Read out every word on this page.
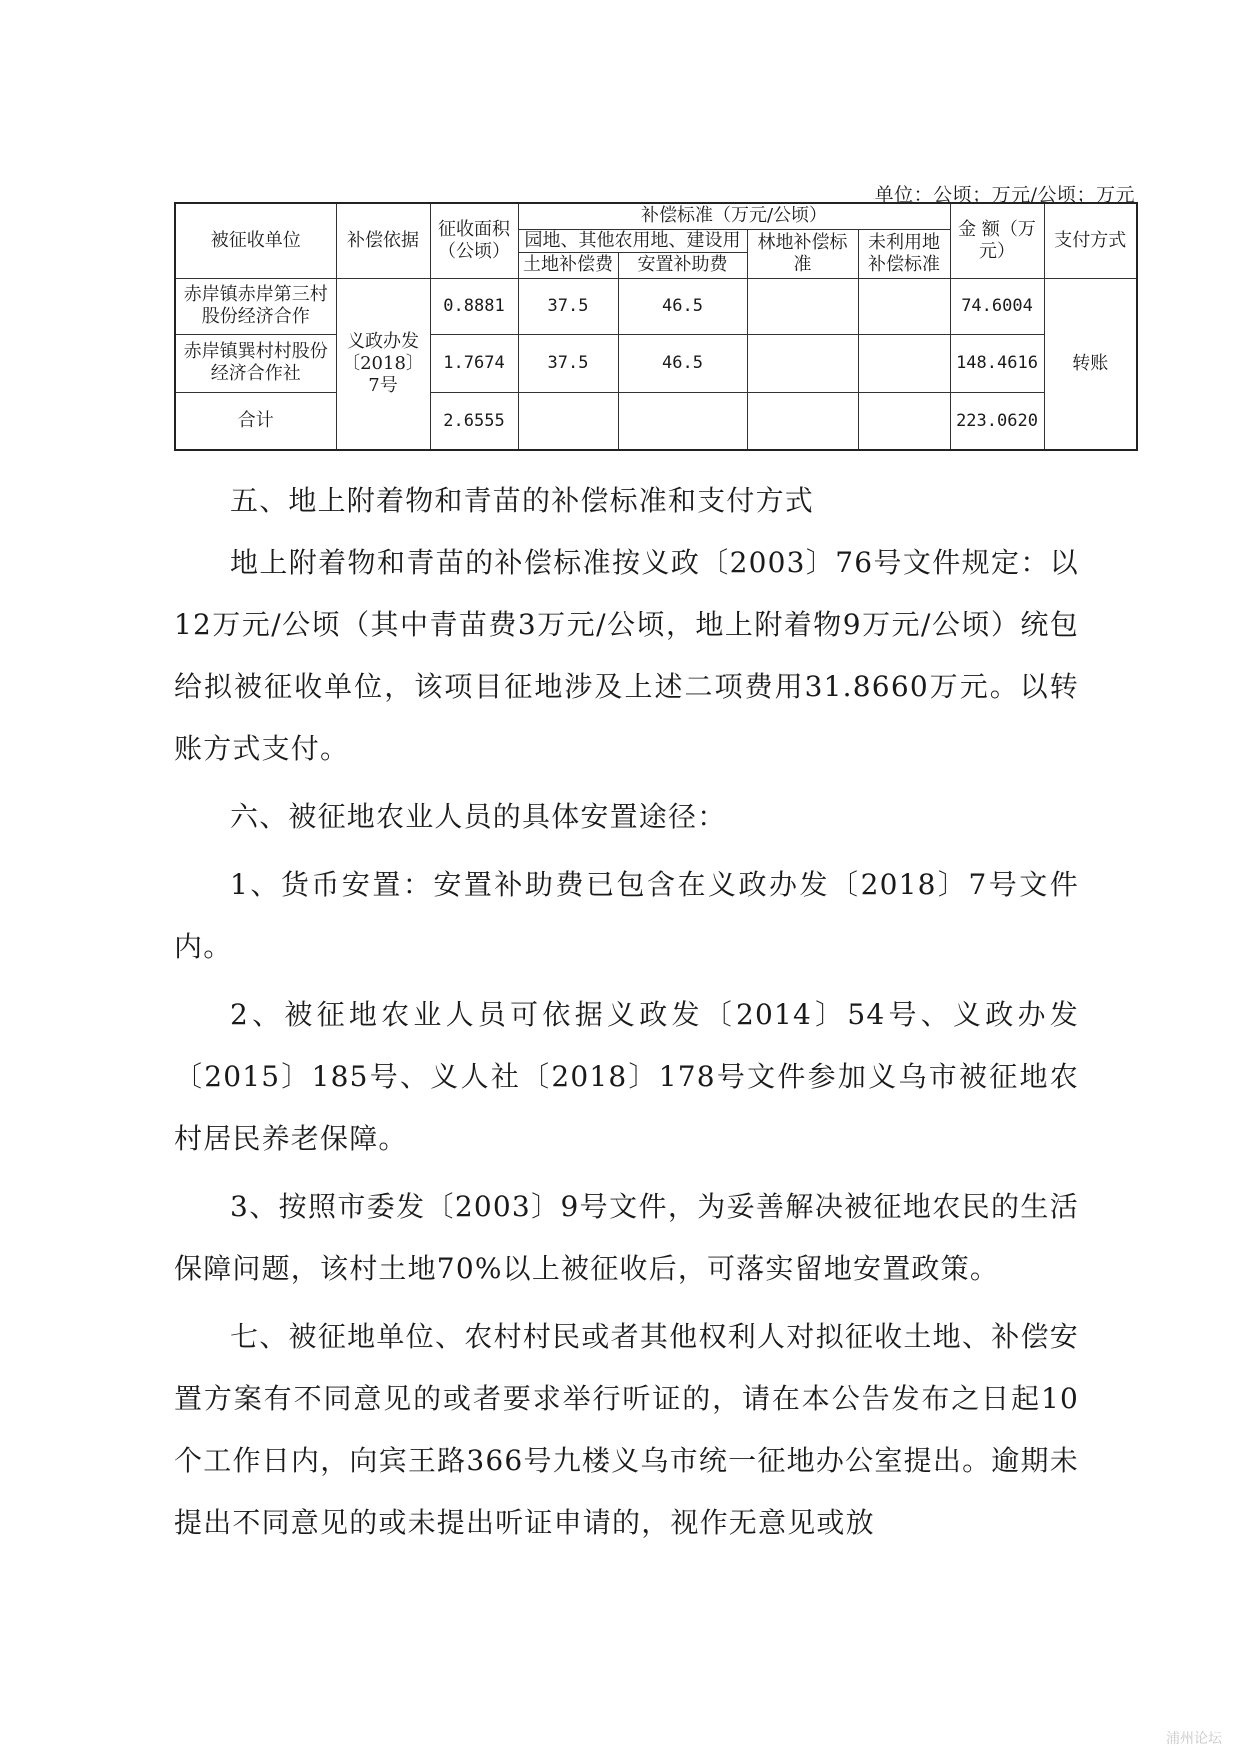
单位：公顷；万元/公顷；万元
被征收单位	补偿依据	征收面积（公顷）	补偿标准（万元/公顷）				金 额（万元）	支付方式
			园地、其他农用地、建设用		林地补偿标准	未利用地补偿标准		
			土地补偿费	安置补助费				
赤岸镇赤岸第三村股份经济合作	义政办发〔2018〕7号	0.8881	37.5	46.5			74.6004	转账
赤岸镇巽村村股份经济合作社		1.7674	37.5	46.5			148.4616	
合计		2.6555					223.0620	

五、地上附着物和青苗的补偿标准和支付方式

地上附着物和青苗的补偿标准按义政〔2003〕76号文件规定：以12万元/公顷（其中青苗费3万元/公顷，地上附着物9万元/公顷）统包给拟被征收单位，该项目征地涉及上述二项费用31.8660万元。以转账方式支付。

六、被征地农业人员的具体安置途径：

1、货币安置：安置补助费已包含在义政办发〔2018〕7号文件内。

2、被征地农业人员可依据义政发〔2014〕54号、义政办发〔2015〕185号、义人社〔2018〕178号文件参加义乌市被征地农村居民养老保障。

3、按照市委发〔2003〕9号文件，为妥善解决被征地农民的生活保障问题，该村土地70%以上被征收后，可落实留地安置政策。

七、被征地单位、农村村民或者其他权利人对拟征收土地、补偿安置方案有不同意见的或者要求举行听证的，请在本公告发布之日起10个工作日内，向宾王路366号九楼义乌市统一征地办公室提出。逾期未提出不同意见的或未提出听证申请的，视作无意见或放

浦州论坛
